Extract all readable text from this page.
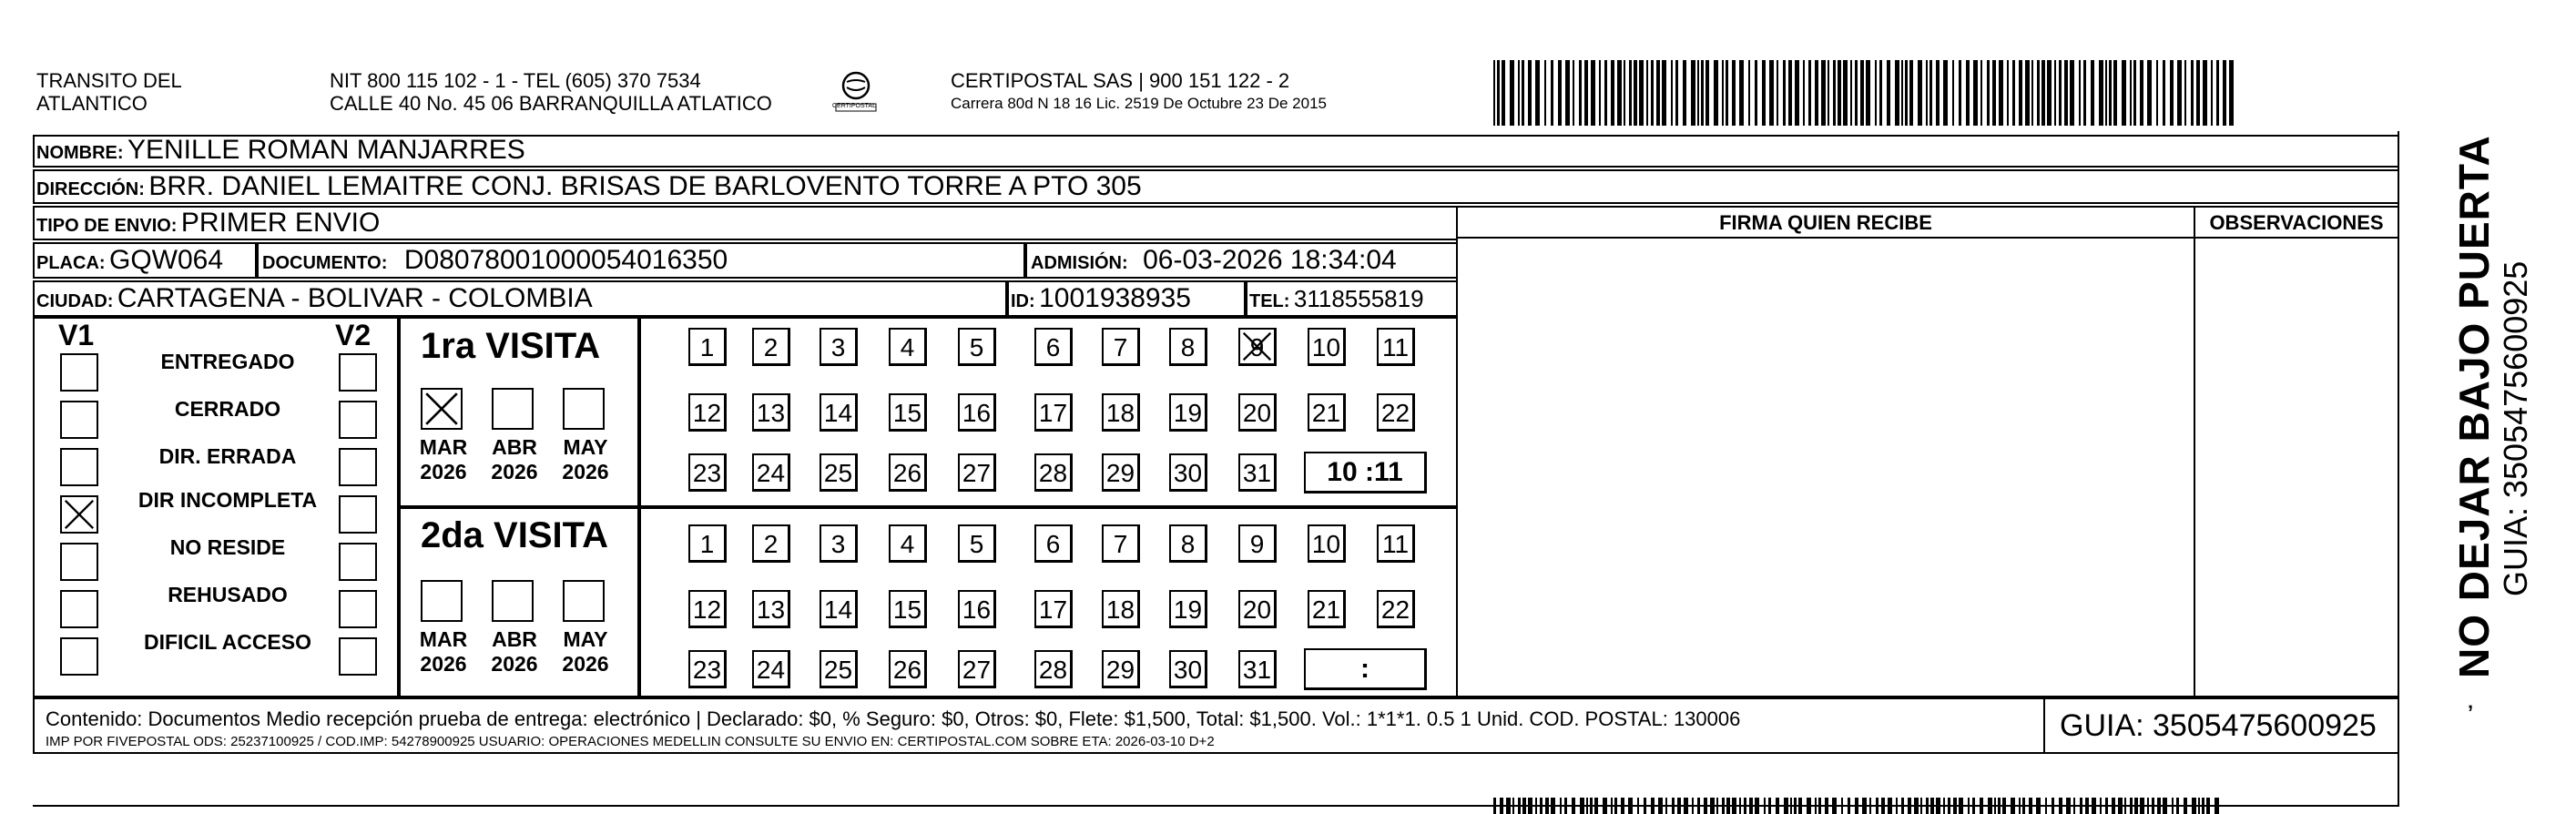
TRANSITO DEL
ATLANTICO
NIT 800 115 102 - 1 - TEL (605) 370 7534
CALLE 40 No. 45 06 BARRANQUILLA ATLATICO	CERTIPOSTAL
CERTIPOSTAL SAS | 900 151 122 - 2
Carrera 80d N 18 16 Lic. 2519 De Octubre 23 De 2015
NOMBRE: YENILLE ROMAN MANJARRES
DIRECCIÓN: BRR. DANIEL LEMAITRE CONJ. BRISAS DE BARLOVENTO TORRE A PTO 305
TIPO DE ENVIO: PRIMER ENVIO
PLACA: GQW064 DOCUMENTO: D08078001000054016350	ADMISIÓN: 06-03-2026 18:34:04
CIUDAD: CARTAGENA - BOLIVAR - COLOMBIA	ID: 1001938935	TEL: 3118555819
FIRMA QUIEN RECIBE	OBSERVACIONES
V1	V2
ENTREGADO
CERRADO
DIR. ERRADA
DIR INCOMPLETA
NO RESIDE
REHUSADO
DIFICIL ACCESO
1ra VISITA
MAR
2026
ABR
2026
MAY
2026
1	2	3	4	5	6	7	8	9	10 11
12 13 14 15 16 17 18 19 20 21 22
23 24 25 26 27 28 29 30 31	10 :11
2da VISITA
MAR
2026
ABR
2026
MAY
2026
1	2	3	4	5	6	7	8	9	10 11
12 13 14 15 16 17 18 19 20 21 22
23 24 25 26 27 28 29 30 31	:
Contenido: Documentos Medio recepción prueba de entrega: electrónico | Declarado: $0, % Seguro: $0, Otros: $0, Flete: $1,500, Total: $1,500. Vol.: 1*1*1. 0.5 1 Unid. COD. POSTAL: 130006
IMP POR FIVEPOSTAL ODS: 25237100925 / COD.IMP: 54278900925 USUARIO: OPERACIONES MEDELLIN CONSULTE SU ENVIO EN: CERTIPOSTAL.COM SOBRE ETA: 2026-03-10 D+2	GUIA: 3505475600925
NO DEJAR BAJO PUERTA GUIA: 3505475600925
ʼ
